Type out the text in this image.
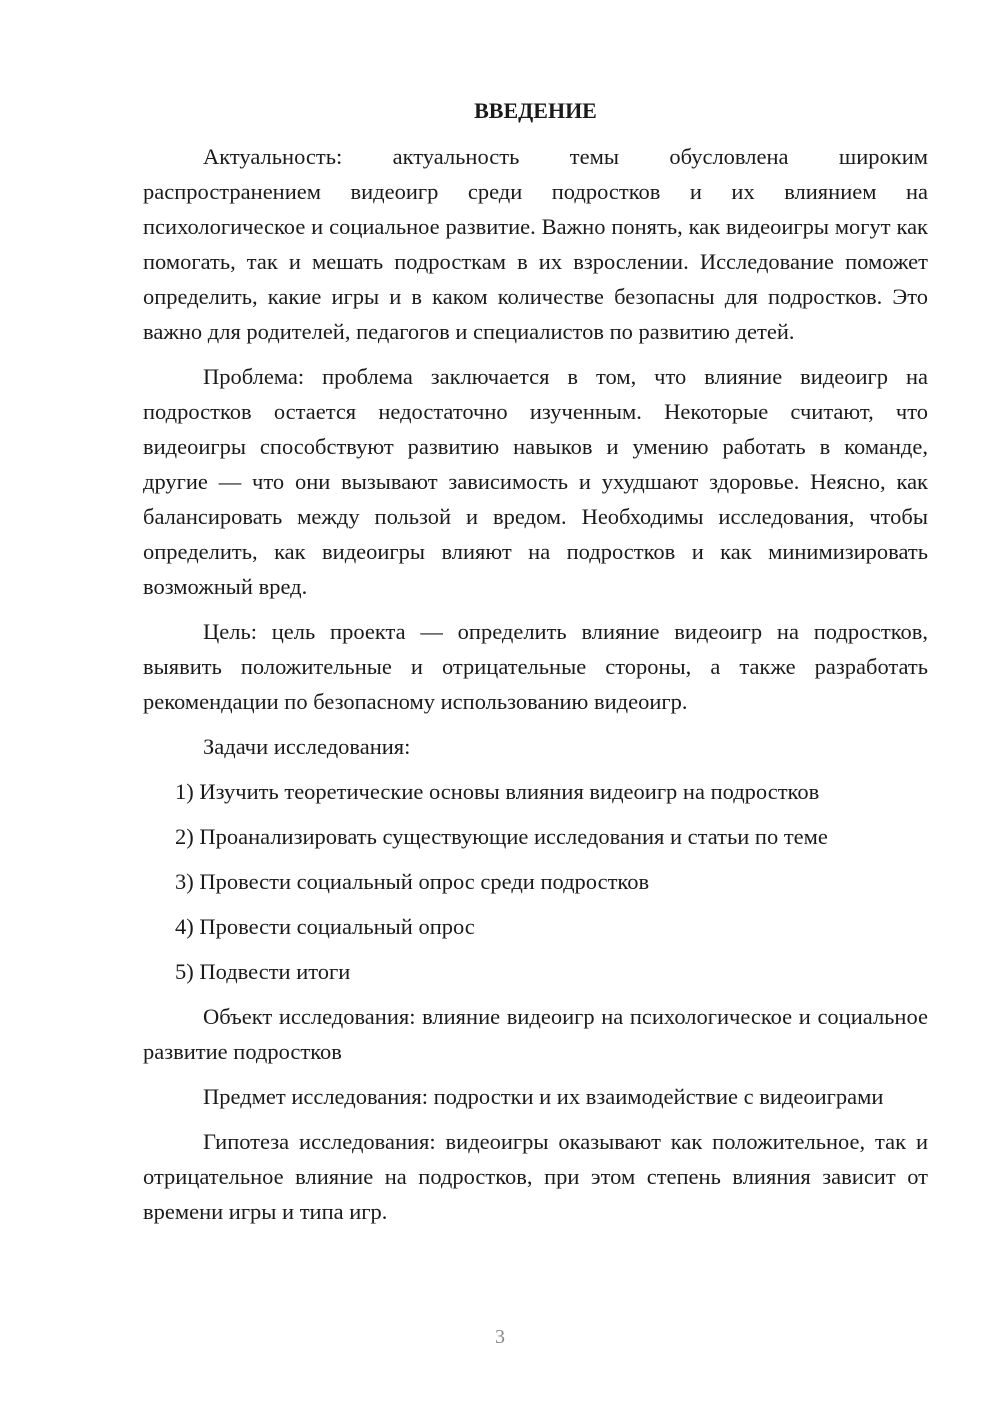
ВВЕДЕНИЕ

Актуальность: актуальность темы обусловлена широким распространением видеоигр среди подростков и их влиянием на психологическое и социальное развитие. Важно понять, как видеоигры могут как помогать, так и мешать подросткам в их взрослении. Исследование поможет определить, какие игры и в каком количестве безопасны для подростков. Это важно для родителей, педагогов и специалистов по развитию детей.

Проблема: проблема заключается в том, что влияние видеоигр на подростков остается недостаточно изученным. Некоторые считают, что видеоигры способствуют развитию навыков и умению работать в команде, другие — что они вызывают зависимость и ухудшают здоровье. Неясно, как балансировать между пользой и вредом. Необходимы исследования, чтобы определить, как видеоигры влияют на подростков и как минимизировать возможный вред.

Цель: цель проекта — определить влияние видеоигр на подростков, выявить положительные и отрицательные стороны, а также разработать рекомендации по безопасному использованию видеоигр.

Задачи исследования:

1) Изучить теоретические основы влияния видеоигр на подростков
2) Проанализировать существующие исследования и статьи по теме
3) Провести социальный опрос среди подростков
4) Провести социальный опрос
5) Подвести итоги

Объект исследования: влияние видеоигр на психологическое и социальное развитие подростков

Предмет исследования: подростки и их взаимодействие с видеоиграми

Гипотеза исследования: видеоигры оказывают как положительное, так и отрицательное влияние на подростков, при этом степень влияния зависит от времени игры и типа игр.

3
